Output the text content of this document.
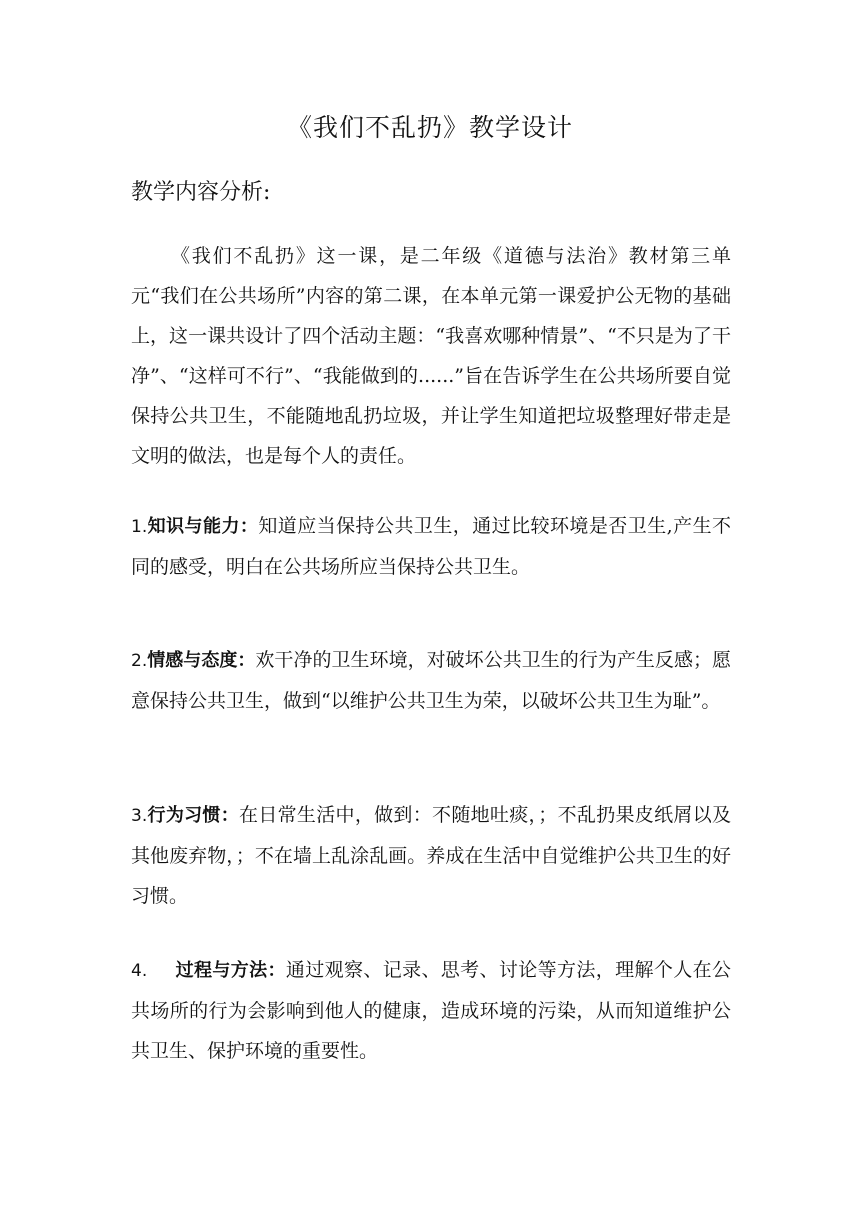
《我们不乱扔》教学设计
教学内容分析:

《我们不乱扔》这一课，是二年级《道德与法治》教材第三单元“我们在公共场所”内容的第二课，在本单元第一课爱护公无物的基础上，这一课共设计了四个活动主题：“我喜欢哪种情景”、“不只是为了干净”、“这样可不行”、“我能做到的......”旨在告诉学生在公共场所要自觉保持公共卫生，不能随地乱扔垃圾，并让学生知道把垃圾整理好带走是文明的做法，也是每个人的责任。

1.知识与能力：知道应当保持公共卫生，通过比较环境是否卫生,产生不同的感受，明白在公共场所应当保持公共卫生。

2.情感与态度：欢干净的卫生环境，对破坏公共卫生的行为产生反感；愿意保持公共卫生，做到“以维护公共卫生为荣，以破坏公共卫生为耻”。

3.行为习惯：在日常生活中，做到：不随地吐痰，；不乱扔果皮纸屑以及其他废弃物，；不在墙上乱涂乱画。养成在生活中自觉维护公共卫生的好习惯。

4. 过程与方法：通过观察、记录、思考、讨论等方法，理解个人在公共场所的行为会影响到他人的健康，造成环境的污染，从而知道维护公共卫生、保护环境的重要性。
